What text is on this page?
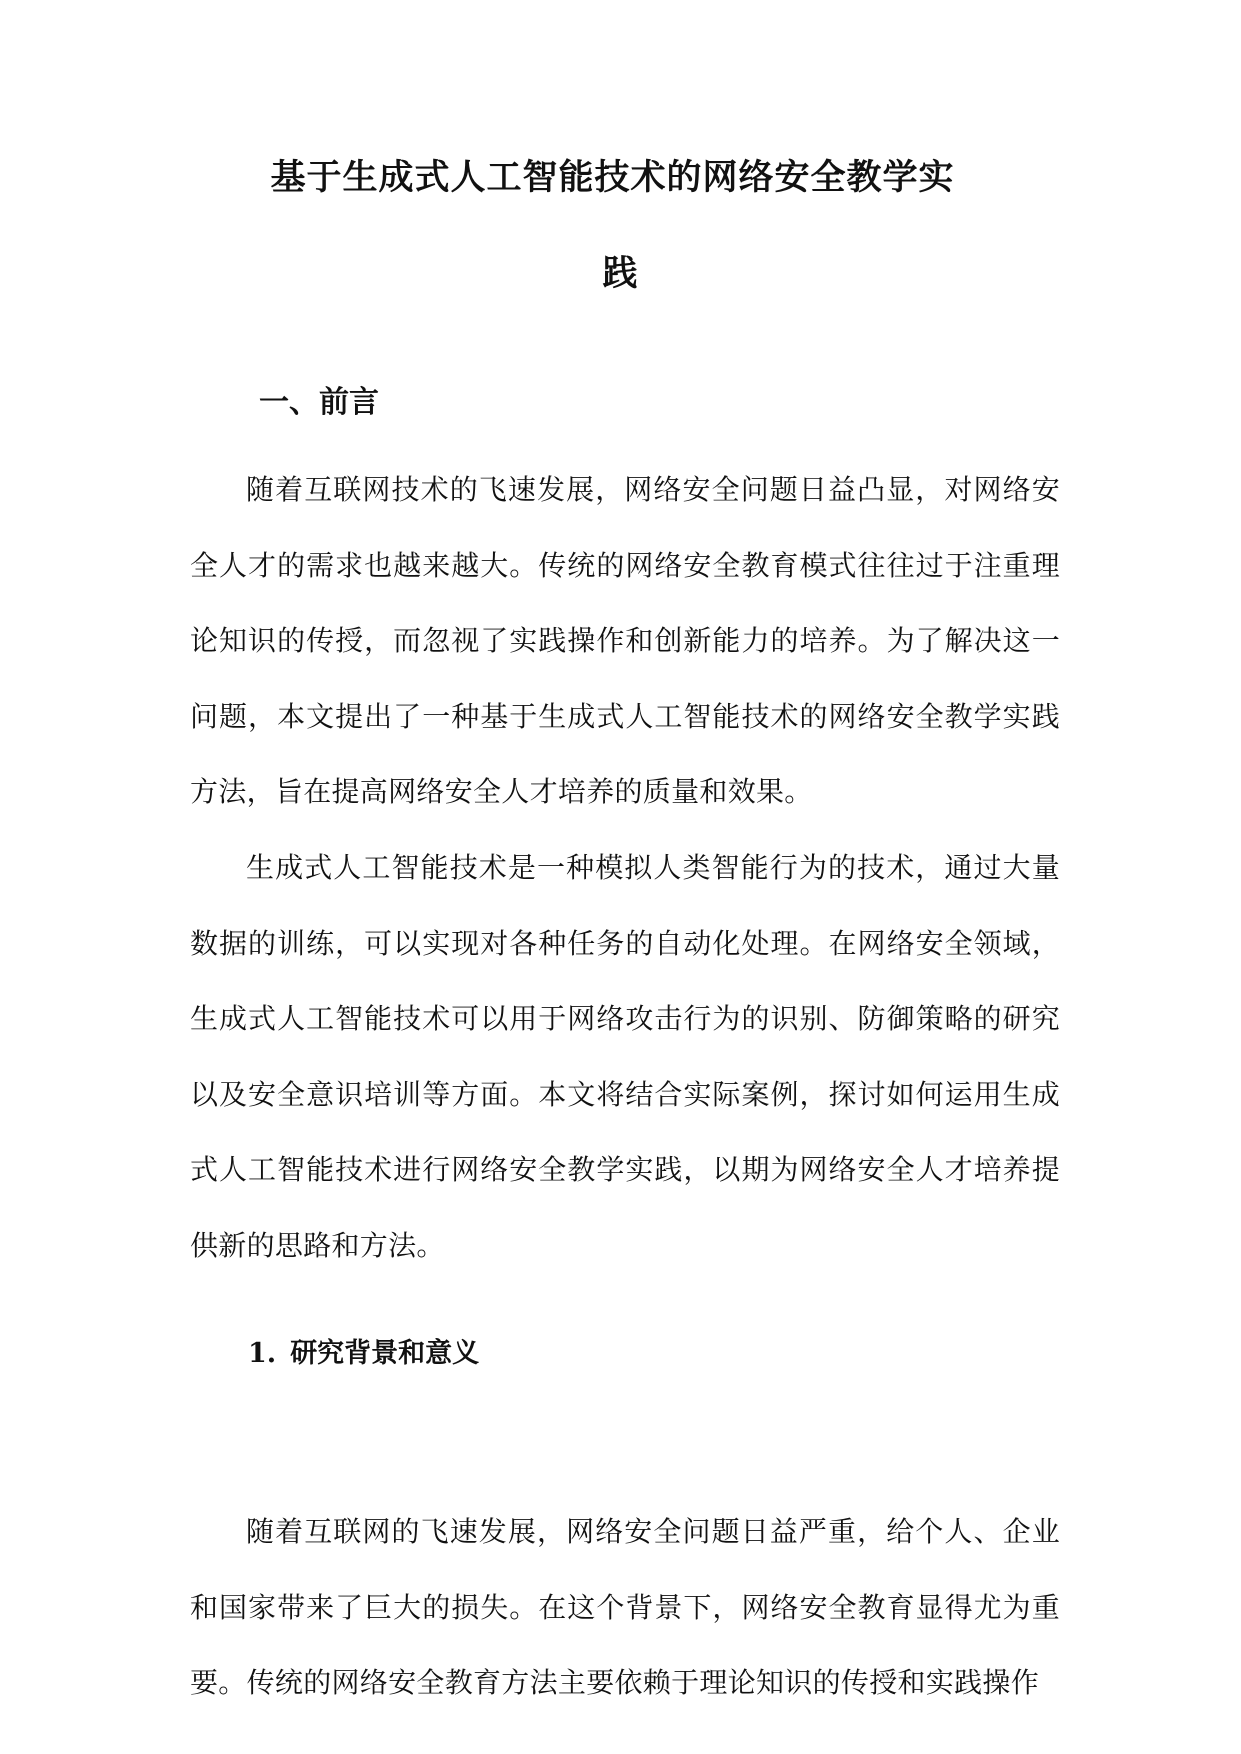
基于生成式人工智能技术的网络安全教学实
践
一、前言

随着互联网技术的飞速发展，网络安全问题日益凸显，对网络安全人才的需求也越来越大。传统的网络安全教育模式往往过于注重理论知识的传授，而忽视了实践操作和创新能力的培养。为了解决这一问题，本文提出了一种基于生成式人工智能技术的网络安全教学实践方法，旨在提高网络安全人才培养的质量和效果。

生成式人工智能技术是一种模拟人类智能行为的技术，通过大量数据的训练，可以实现对各种任务的自动化处理。在网络安全领域，生成式人工智能技术可以用于网络攻击行为的识别、防御策略的研究以及安全意识培训等方面。本文将结合实际案例，探讨如何运用生成式人工智能技术进行网络安全教学实践，以期为网络安全人才培养提供新的思路和方法。

1. 研究背景和意义

随着互联网的飞速发展，网络安全问题日益严重，给个人、企业和国家带来了巨大的损失。在这个背景下，网络安全教育显得尤为重要。传统的网络安全教育方法主要依赖于理论知识的传授和实践操作
